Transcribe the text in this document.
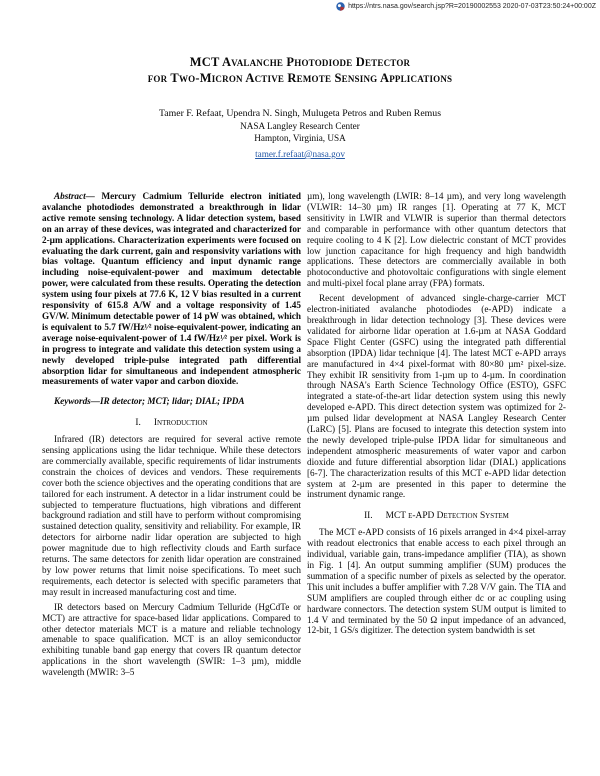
https://ntrs.nasa.gov/search.jsp?R=20190002553 2020-07-03T23:50:24+00:00Z
MCT Avalanche Photodiode Detector
for Two-Micron Active Remote Sensing Applications
Tamer F. Refaat, Upendra N. Singh, Mulugeta Petros and Ruben Remus
NASA Langley Research Center
Hampton, Virginia, USA
tamer.f.refaat@nasa.gov

Abstract— Mercury Cadmium Telluride electron initiated avalanche photodiodes demonstrated a breakthrough in lidar active remote sensing technology. A lidar detection system, based on an array of these devices, was integrated and characterized for 2-µm applications. Characterization experiments were focused on evaluating the dark current, gain and responsivity variations with bias voltage. Quantum efficiency and input dynamic range including noise-equivalent-power and maximum detectable power, were calculated from these results. Operating the detection system using four pixels at 77.6 K, 12 V bias resulted in a current responsivity of 615.8 A/W and a voltage responsivity of 1.45 GV/W. Minimum detectable power of 14 pW was obtained, which is equivalent to 5.7 fW/Hz¹⁄² noise-equivalent-power, indicating an average noise-equivalent-power of 1.4 fW/Hz¹⁄² per pixel. Work is in progress to integrate and validate this detection system using a newly developed triple-pulse integrated path differential absorption lidar for simultaneous and independent atmospheric measurements of water vapor and carbon dioxide.

Keywords—IR detector; MCT; lidar; DIAL; IPDA

I. Introduction

Infrared (IR) detectors are required for several active remote sensing applications using the lidar technique. While these detectors are commercially available, specific requirements of lidar instruments constrain the choices of devices and vendors. These requirements cover both the science objectives and the operating conditions that are tailored for each instrument. A detector in a lidar instrument could be subjected to temperature fluctuations, high vibrations and different background radiation and still have to perform without compromising sustained detection quality, sensitivity and reliability. For example, IR detectors for airborne nadir lidar operation are subjected to high power magnitude due to high reflectivity clouds and Earth surface returns. The same detectors for zenith lidar operation are constrained by low power returns that limit noise specifications. To meet such requirements, each detector is selected with specific parameters that may result in increased manufacturing cost and time.

IR detectors based on Mercury Cadmium Telluride (HgCdTe or MCT) are attractive for space-based lidar applications. Compared to other detector materials MCT is a mature and reliable technology amenable to space qualification. MCT is an alloy semiconductor exhibiting tunable band gap energy that covers IR quantum detector applications in the short wavelength (SWIR: 1–3 µm), middle wavelength (MWIR: 3–5

µm), long wavelength (LWIR: 8–14 µm), and very long wavelength (VLWIR: 14–30 µm) IR ranges [1]. Operating at 77 K, MCT sensitivity in LWIR and VLWIR is superior than thermal detectors and comparable in performance with other quantum detectors that require cooling to 4 K [2]. Low dielectric constant of MCT provides low junction capacitance for high frequency and high bandwidth applications. These detectors are commercially available in both photoconductive and photovoltaic configurations with single element and multi-pixel focal plane array (FPA) formats.

Recent development of advanced single-charge-carrier MCT electron-initiated avalanche photodiodes (e-APD) indicate a breakthrough in lidar detection technology [3]. These devices were validated for airborne lidar operation at 1.6-µm at NASA Goddard Space Flight Center (GSFC) using the integrated path differential absorption (IPDA) lidar technique [4]. The latest MCT e-APD arrays are manufactured in 4×4 pixel-format with 80×80 µm² pixel-size. They exhibit IR sensitivity from 1-µm up to 4-µm. In coordination through NASA's Earth Science Technology Office (ESTO), GSFC integrated a state-of-the-art lidar detection system using this newly developed e-APD. This direct detection system was optimized for 2-µm pulsed lidar development at NASA Langley Research Center (LaRC) [5]. Plans are focused to integrate this detection system into the newly developed triple-pulse IPDA lidar for simultaneous and independent atmospheric measurements of water vapor and carbon dioxide and future differential absorption lidar (DIAL) applications [6-7]. The characterization results of this MCT e-APD lidar detection system at 2-µm are presented in this paper to determine the instrument dynamic range.

II. MCT e-APD Detection System

The MCT e-APD consists of 16 pixels arranged in 4×4 pixel-array with readout electronics that enable access to each pixel through an individual, variable gain, trans-impedance amplifier (TIA), as shown in Fig. 1 [4]. An output summing amplifier (SUM) produces the summation of a specific number of pixels as selected by the operator. This unit includes a buffer amplifier with 7.28 V/V gain. The TIA and SUM amplifiers are coupled through either dc or ac coupling using hardware connectors. The detection system SUM output is limited to 1.4 V and terminated by the 50 Ω input impedance of an advanced, 12-bit, 1 GS/s digitizer. The detection system bandwidth is set
